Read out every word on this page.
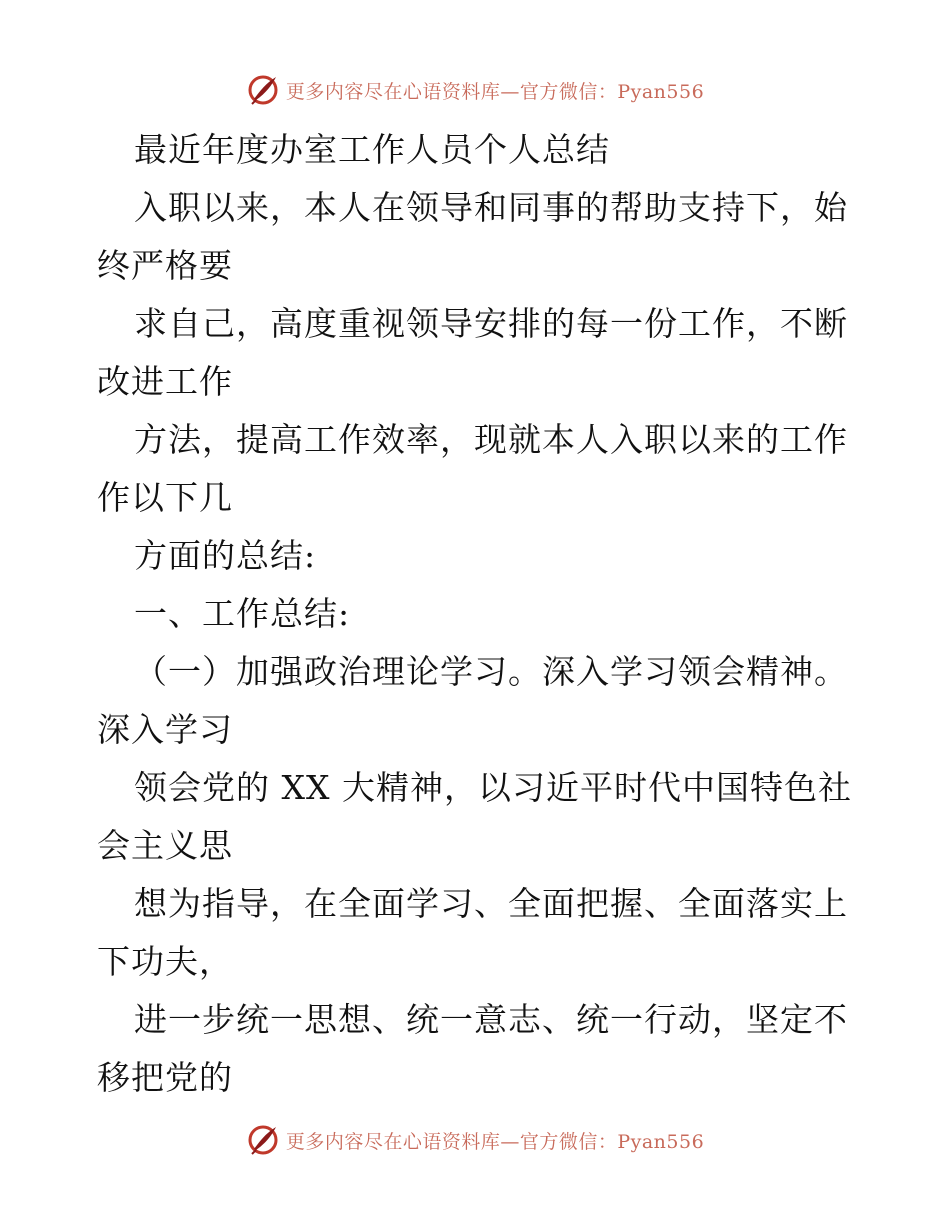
更多内容尽在心语资料库—官方微信：Pyan556
最近年度办室工作人员个人总结
入职以来，本人在领导和同事的帮助支持下，始
终严格要
求自己，高度重视领导安排的每一份工作，不断
改进工作
方法，提高工作效率，现就本人入职以来的工作
作以下几
方面的总结:
一、工作总结:
（一）加强政治理论学习。深入学习领会精神。
深入学习
领会党的 XX 大精神，以习近平时代中国特色社
会主义思
想为指导，在全面学习、全面把握、全面落实上
下功夫，
进一步统一思想、统一意志、统一行动，坚定不
移把党的
更多内容尽在心语资料库—官方微信：Pyan556
